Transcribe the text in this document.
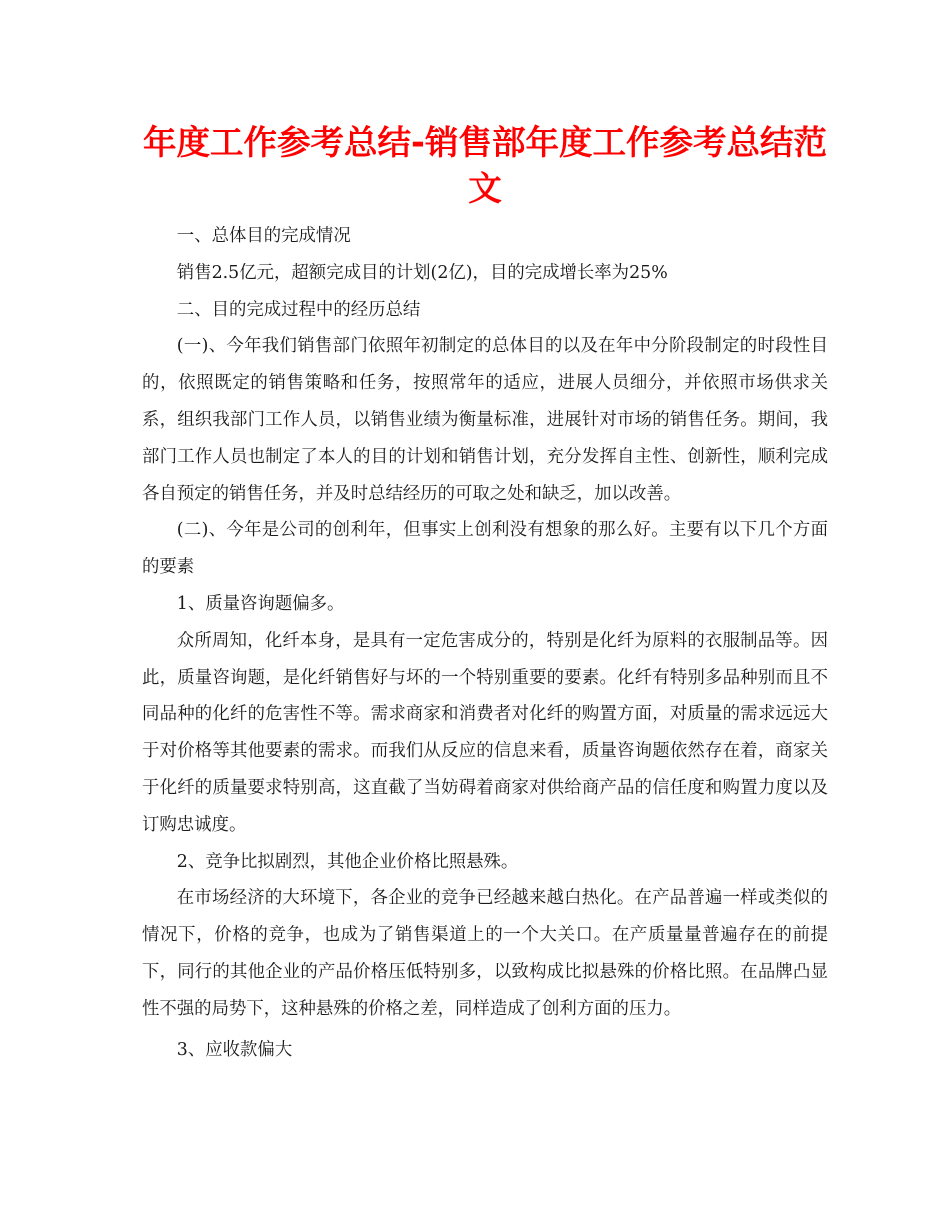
年度工作参考总结-销售部年度工作参考总结范文

一、总体目的完成情况

销售2.5亿元，超额完成目的计划(2亿)，目的完成增长率为25%

二、目的完成过程中的经历总结

(一)、今年我们销售部门依照年初制定的总体目的以及在年中分阶段制定的时段性目的，依照既定的销售策略和任务，按照常年的适应，进展人员细分，并依照市场供求关系，组织我部门工作人员，以销售业绩为衡量标准，进展针对市场的销售任务。期间，我部门工作人员也制定了本人的目的计划和销售计划，充分发挥自主性、创新性，顺利完成各自预定的销售任务，并及时总结经历的可取之处和缺乏，加以改善。

(二)、今年是公司的创利年，但事实上创利没有想象的那么好。主要有以下几个方面的要素

1、质量咨询题偏多。

众所周知，化纤本身，是具有一定危害成分的，特别是化纤为原料的衣服制品等。因此，质量咨询题，是化纤销售好与坏的一个特别重要的要素。化纤有特别多品种别而且不同品种的化纤的危害性不等。需求商家和消费者对化纤的购置方面，对质量的需求远远大于对价格等其他要素的需求。而我们从反应的信息来看，质量咨询题依然存在着，商家关于化纤的质量要求特别高，这直截了当妨碍着商家对供给商产品的信任度和购置力度以及订购忠诚度。

2、竞争比拟剧烈，其他企业价格比照悬殊。

在市场经济的大环境下，各企业的竞争已经越来越白热化。在产品普遍一样或类似的情况下，价格的竞争，也成为了销售渠道上的一个大关口。在产质量量普遍存在的前提下，同行的其他企业的产品价格压低特别多，以致构成比拟悬殊的价格比照。在品牌凸显性不强的局势下，这种悬殊的价格之差，同样造成了创利方面的压力。

3、应收款偏大
